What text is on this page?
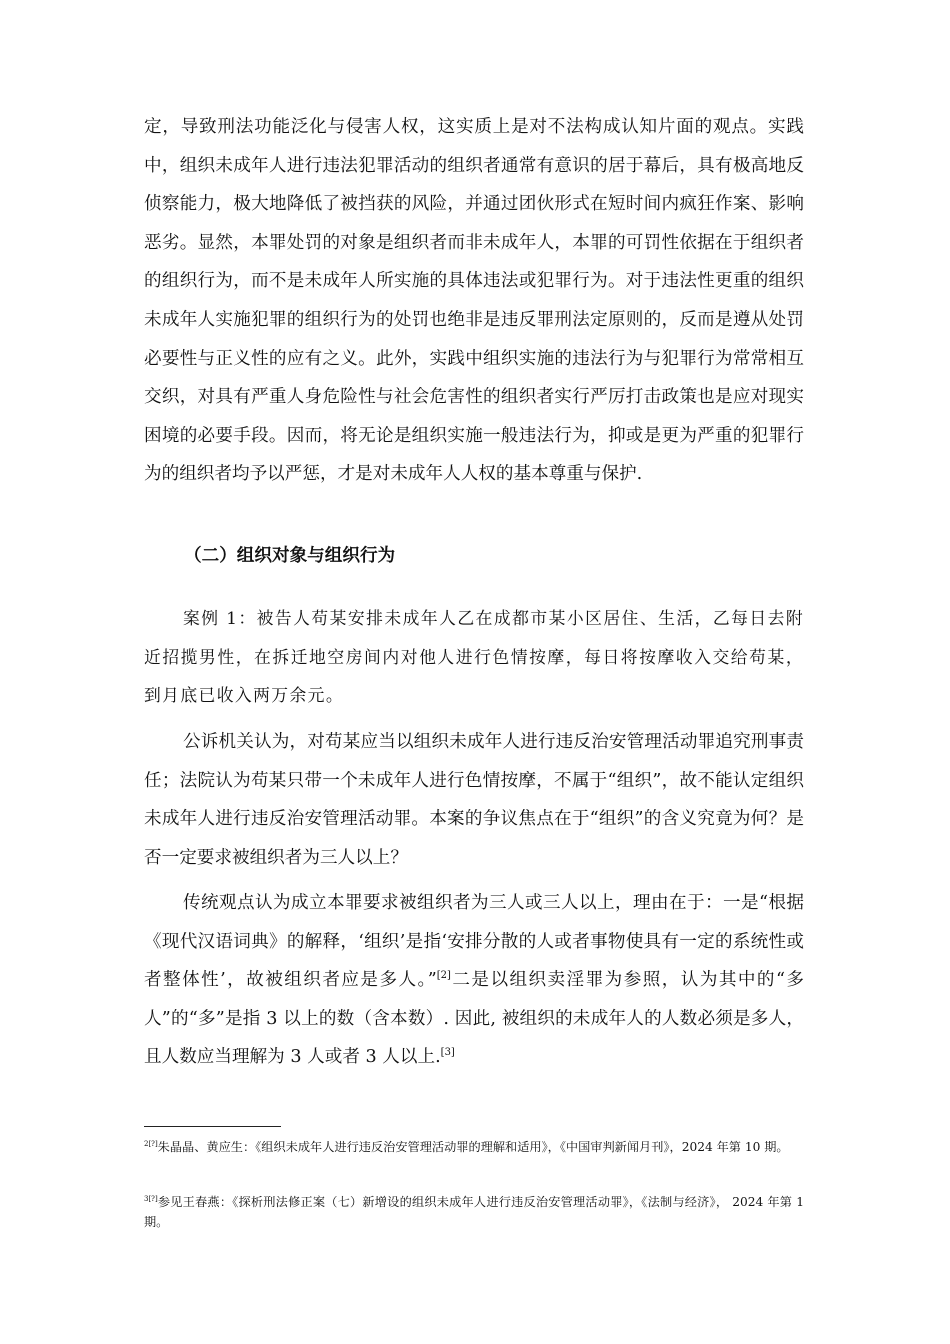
定，导致刑法功能泛化与侵害人权，这实质上是对不法构成认知片面的观点。实践中，组织未成年人进行违法犯罪活动的组织者通常有意识的居于幕后，具有极高地反侦察能力，极大地降低了被挡获的风险，并通过团伙形式在短时间内疯狂作案、影响恶劣。显然，本罪处罚的对象是组织者而非未成年人，本罪的可罚性依据在于组织者的组织行为，而不是未成年人所实施的具体违法或犯罪行为。对于违法性更重的组织未成年人实施犯罪的组织行为的处罚也绝非是违反罪刑法定原则的，反而是遵从处罚必要性与正义性的应有之义。此外，实践中组织实施的违法行为与犯罪行为常常相互交织，对具有严重人身危险性与社会危害性的组织者实行严厉打击政策也是应对现实困境的必要手段。因而，将无论是组织实施一般违法行为，抑或是更为严重的犯罪行为的组织者均予以严惩，才是对未成年人人权的基本尊重与保护.

（二）组织对象与组织行为

案例 1：被告人苟某安排未成年人乙在成都市某小区居住、生活，乙每日去附近招揽男性，在拆迁地空房间内对他人进行色情按摩，每日将按摩收入交给苟某，到月底已收入两万余元。

公诉机关认为，对苟某应当以组织未成年人进行违反治安管理活动罪追究刑事责任；法院认为苟某只带一个未成年人进行色情按摩，不属于“组织”，故不能认定组织未成年人进行违反治安管理活动罪。本案的争议焦点在于“组织”的含义究竟为何？是否一定要求被组织者为三人以上？

传统观点认为成立本罪要求被组织者为三人或三人以上，理由在于：一是“根据《现代汉语词典》的解释，‘组织’是指‘安排分散的人或者事物使具有一定的系统性或者整体性’，故被组织者应是多人。”[2]二是以组织卖淫罪为参照，认为其中的“多人”的“多”是指 3 以上的数（含本数）. 因此, 被组织的未成年人的人数必须是多人，且人数应当理解为 3 人或者 3 人以上.[3]

$^{2[?]}$朱晶晶、黄应生：《组织未成年人进行违反治安管理活动罪的理解和适用》，《中国审判新闻月刊》，2024 年第 10 期。

$^{3[?]}$参见王春燕：《探析刑法修正案（七）新增设的组织未成年人进行违反治安管理活动罪》，《法制与经济》， 2024 年第 1 期。
